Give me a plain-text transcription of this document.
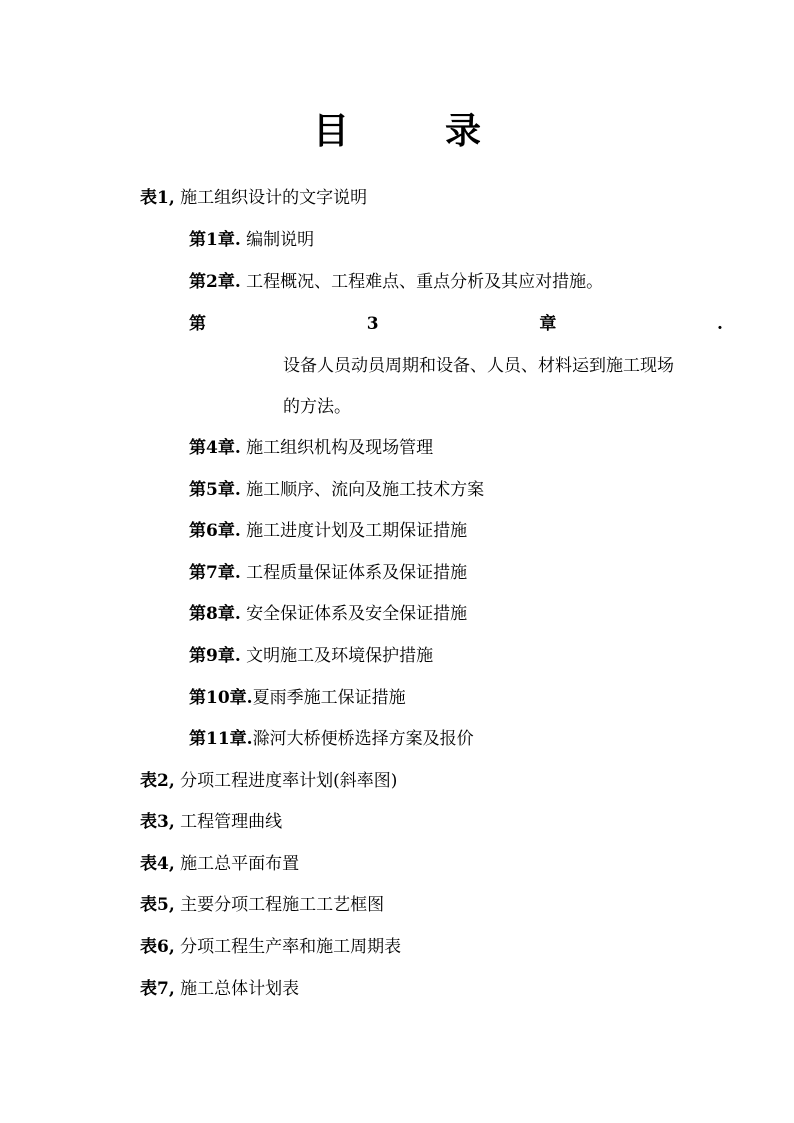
目	录
表1, 施工组织设计的文字说明
第1章. 编制说明
第2章. 工程概况、工程难点、重点分析及其应对措施。
第	3	章	.
设备人员动员周期和设备、人员、材料运到施工现场
的方法。
第4章. 施工组织机构及现场管理
第5章. 施工顺序、流向及施工技术方案
第6章. 施工进度计划及工期保证措施
第7章. 工程质量保证体系及保证措施
第8章. 安全保证体系及安全保证措施
第9章. 文明施工及环境保护措施
第10章.夏雨季施工保证措施
第11章.滁河大桥便桥选择方案及报价
表2, 分项工程进度率计划(斜率图)
表3, 工程管理曲线
表4, 施工总平面布置
表5, 主要分项工程施工工艺框图
表6, 分项工程生产率和施工周期表
表7, 施工总体计划表
